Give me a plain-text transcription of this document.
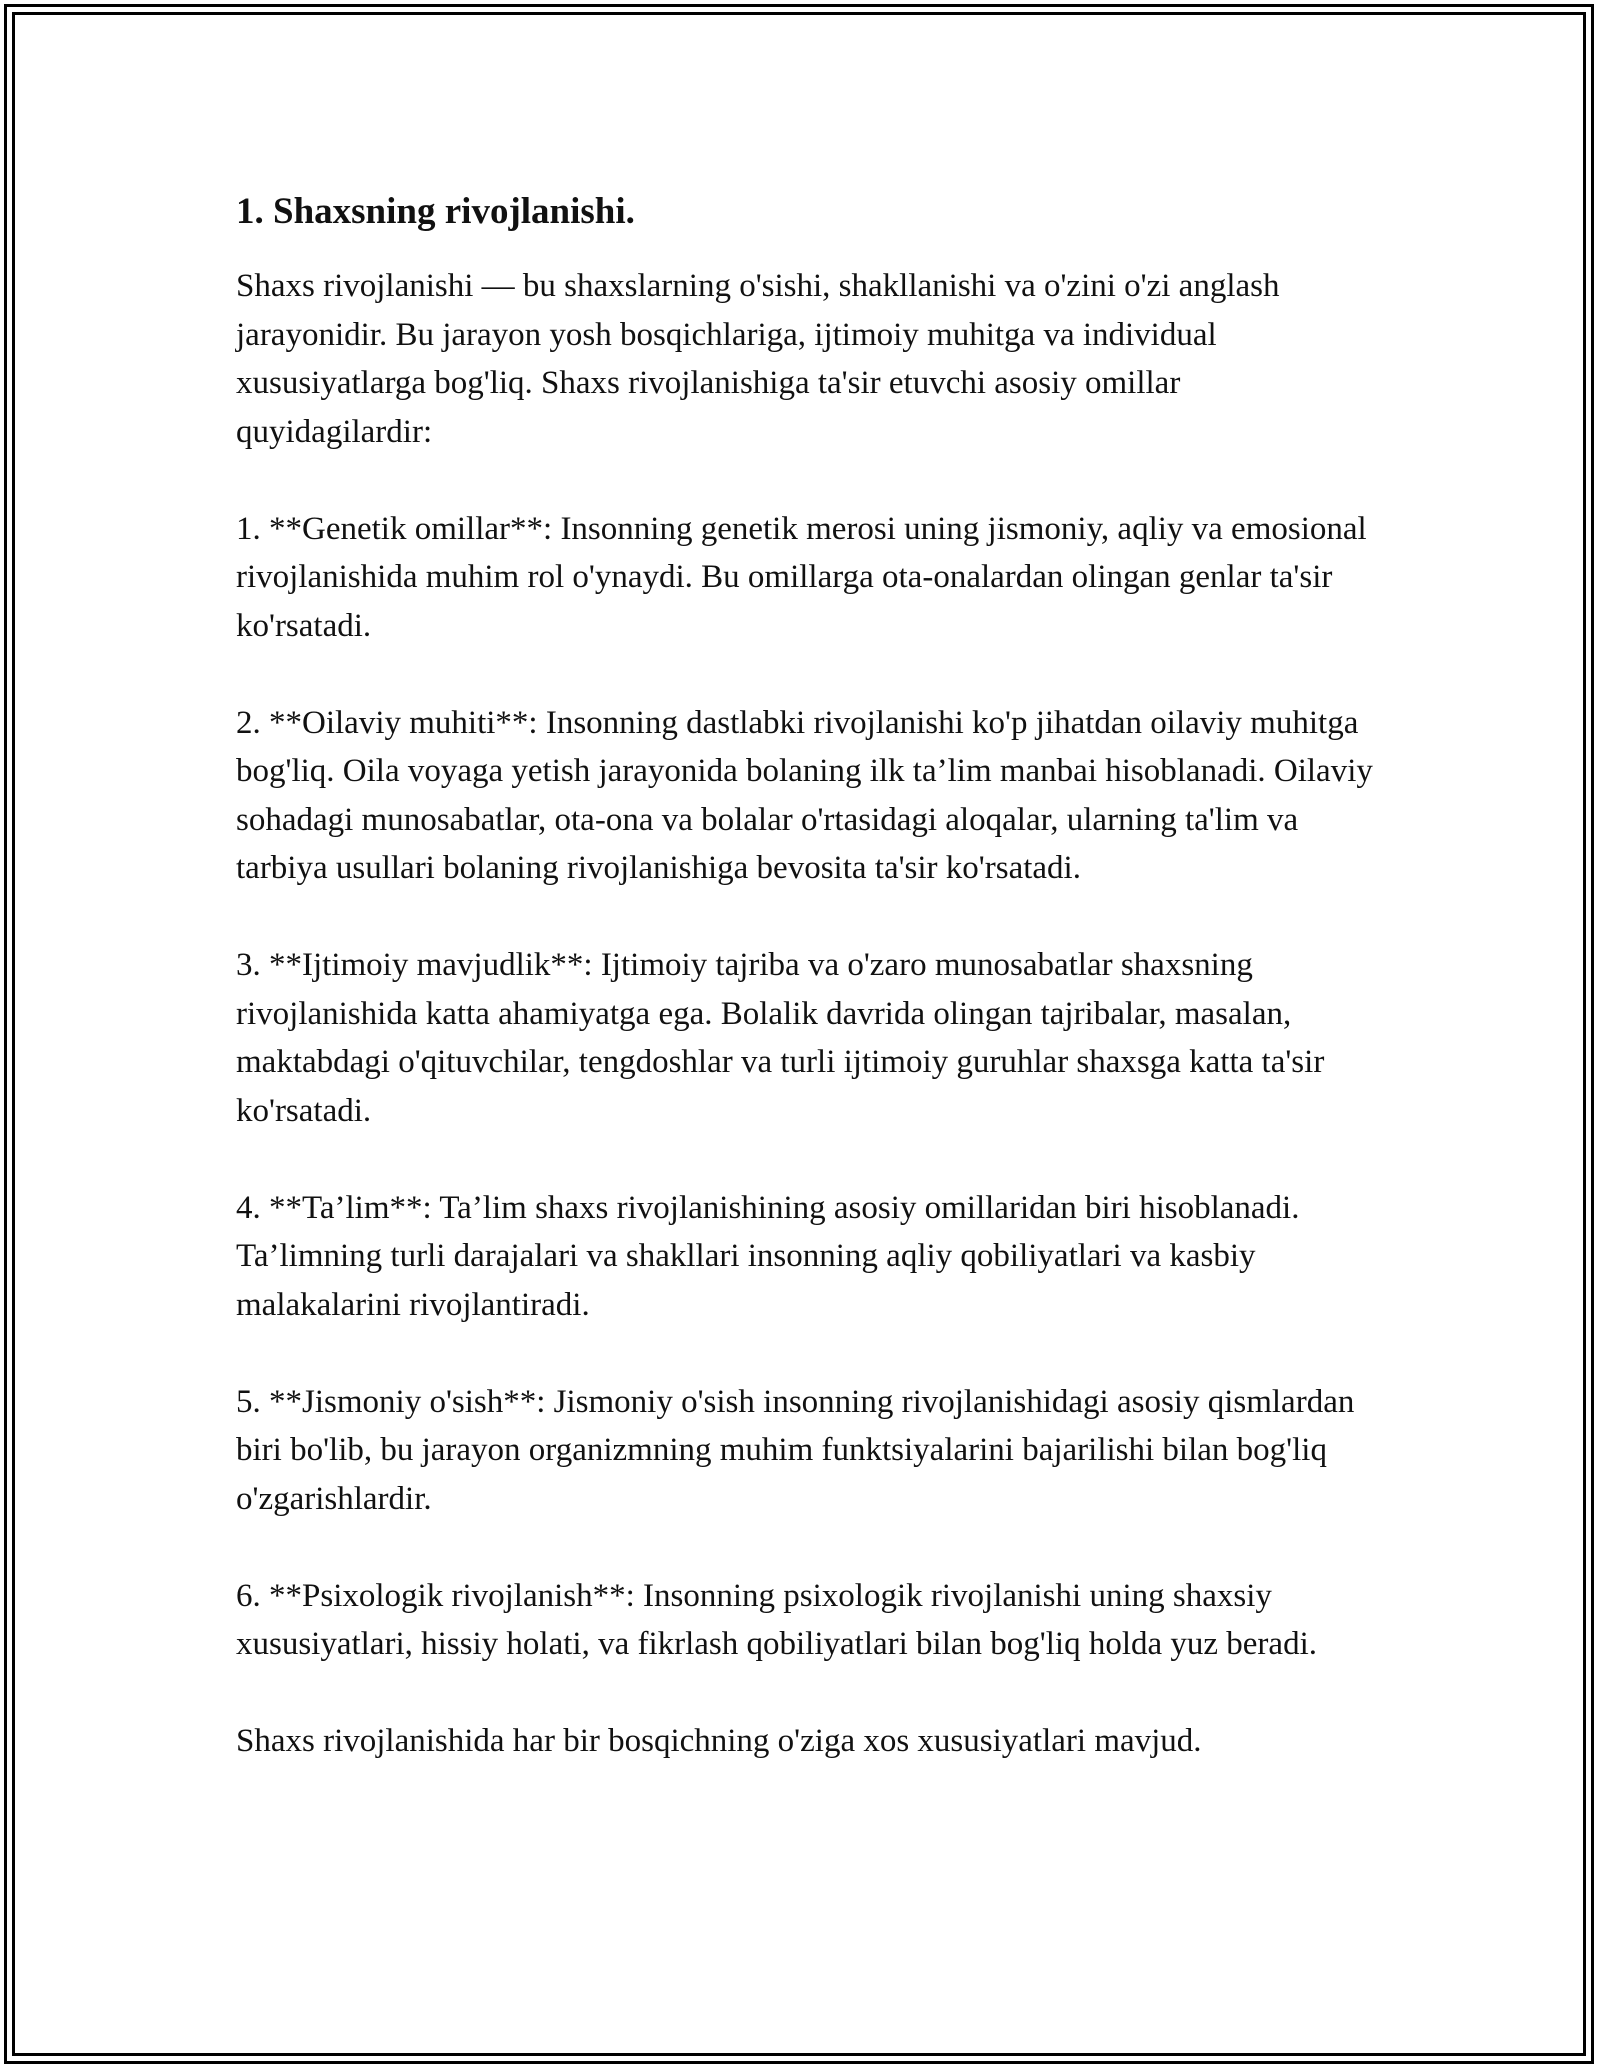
1. Shaxsning rivojlanishi.

Shaxs rivojlanishi — bu shaxslarning o'sishi, shakllanishi va o'zini o'zi anglash jarayonidir. Bu jarayon yosh bosqichlariga, ijtimoiy muhitga va individual xususiyatlarga bog'liq. Shaxs rivojlanishiga ta'sir etuvchi asosiy omillar quyidagilardir:

1. **Genetik omillar**: Insonning genetik merosi uning jismoniy, aqliy va emosional rivojlanishida muhim rol o'ynaydi. Bu omillarga ota-onalardan olingan genlar ta'sir ko'rsatadi.

2. **Oilaviy muhiti**: Insonning dastlabki rivojlanishi ko'p jihatdan oilaviy muhitga bog'liq. Oila voyaga yetish jarayonida bolaning ilk ta’lim manbai hisoblanadi. Oilaviy sohadagi munosabatlar, ota-ona va bolalar o'rtasidagi aloqalar, ularning ta'lim va tarbiya usullari bolaning rivojlanishiga bevosita ta'sir ko'rsatadi.

3. **Ijtimoiy mavjudlik**: Ijtimoiy tajriba va o'zaro munosabatlar shaxsning rivojlanishida katta ahamiyatga ega. Bolalik davrida olingan tajribalar, masalan, maktabdagi o'qituvchilar, tengdoshlar va turli ijtimoiy guruhlar shaxsga katta ta'sir ko'rsatadi.

4. **Ta’lim**: Ta’lim shaxs rivojlanishining asosiy omillaridan biri hisoblanadi. Ta’limning turli darajalari va shakllari insonning aqliy qobiliyatlari va kasbiy malakalarini rivojlantiradi.

5. **Jismoniy o'sish**: Jismoniy o'sish insonning rivojlanishidagi asosiy qismlardan biri bo'lib, bu jarayon organizmning muhim funktsiyalarini bajarilishi bilan bog'liq o'zgarishlardir.

6. **Psixologik rivojlanish**: Insonning psixologik rivojlanishi uning shaxsiy xususiyatlari, hissiy holati, va fikrlash qobiliyatlari bilan bog'liq holda yuz beradi.

Shaxs rivojlanishida har bir bosqichning o'ziga xos xususiyatlari mavjud.
